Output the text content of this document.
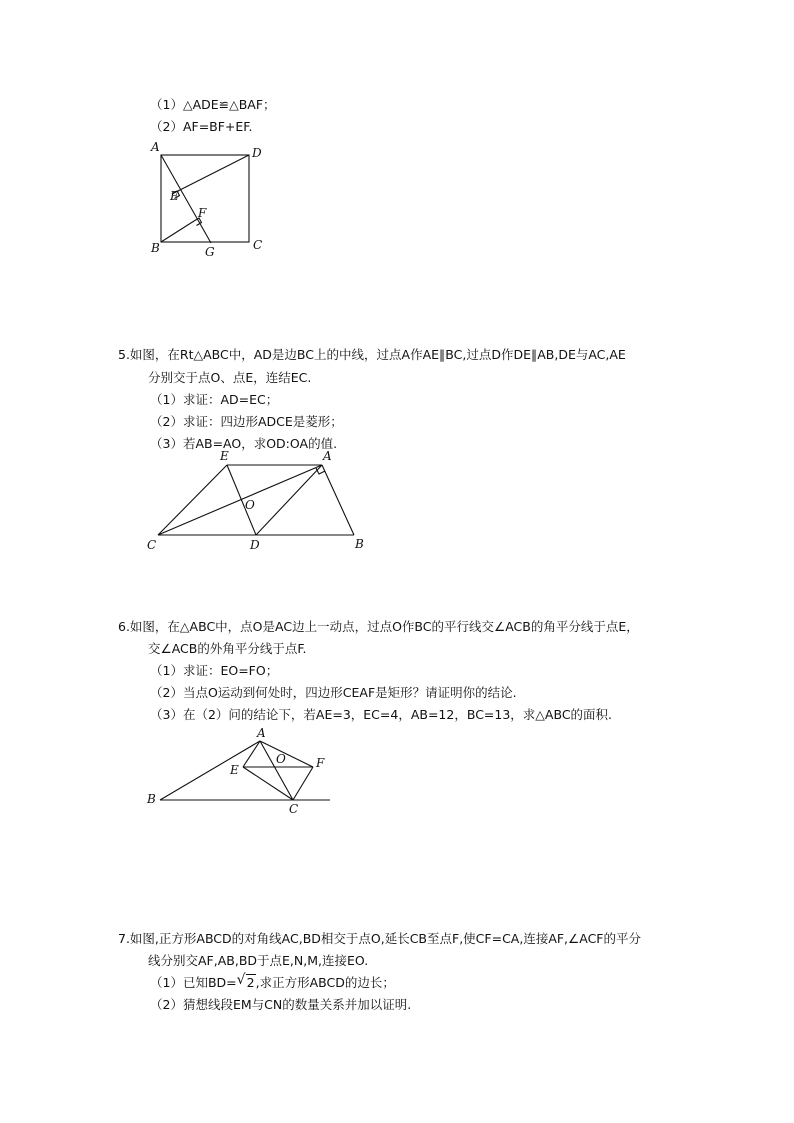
（1）△ADE≌△BAF；
（2）AF=BF+EF.
A	D
E
F
B	G	C
E	A
O
C	D	B
A
E
O	F
B
C
5.如图，在Rt△ABC中，AD是边BC上的中线，过点A作AE∥BC,过点D作DE∥AB,DE与AC,AE
分别交于点O、点E，连结EC.
（1）求证：AD=EC；
（2）求证：四边形ADCE是菱形；
（3）若AB=AO，求OD:OA的值.
6.如图，在△ABC中，点O是AC边上一动点，过点O作BC的平行线交∠ACB的角平分线于点E，
交∠ACB的外角平分线于点F.
（1）求证：EO=FO；
（2）当点O运动到何处时，四边形CEAF是矩形？请证明你的结论.
（3）在（2）问的结论下，若AE=3，EC=4，AB=12，BC=13，求△ABC的面积.
7.如图,正方形ABCD的对角线AC,BD相交于点O,延长CB至点F,使CF=CA,连接AF,∠ACF的平分
线分别交AF,AB,BD于点E,N,M,连接EO.
（1）已知BD= √ 2,求正方形ABCD的边长；
（2）猜想线段EM与CN的数量关系并加以证明.
